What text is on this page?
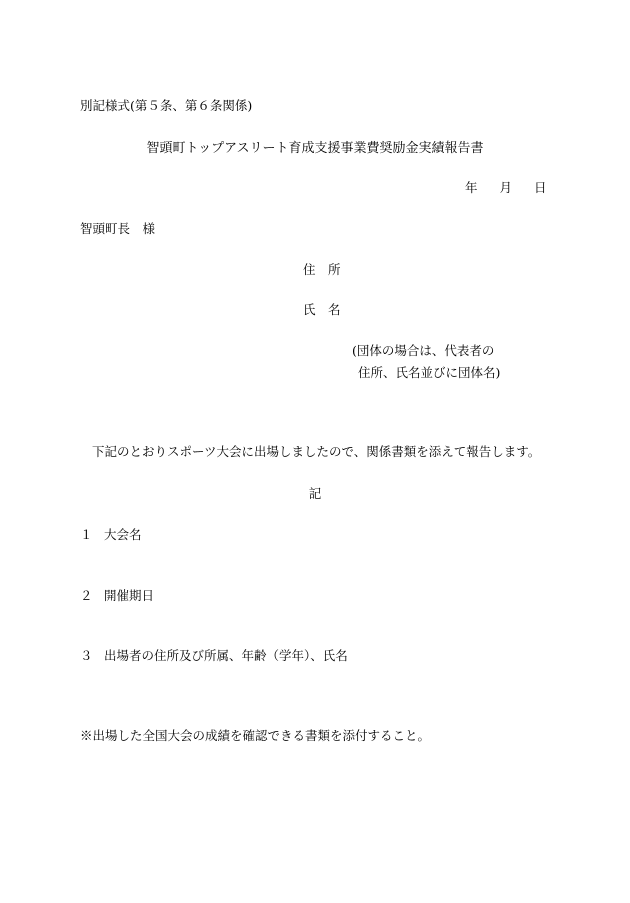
別記様式(第５条、第６条関係)
智頭町トップアスリート育成支援事業費奨励金実績報告書
年 月 日
智頭町長　様
住　所
氏　名
(団体の場合は、代表者の
住所、氏名並びに団体名)
下記のとおりスポーツ大会に出場しましたので、関係書類を添えて報告します。
記
１ 大会名
２ 開催期日
３ 出場者の住所及び所属、年齢（学年）、氏名
※出場した全国大会の成績を確認できる書類を添付すること。
